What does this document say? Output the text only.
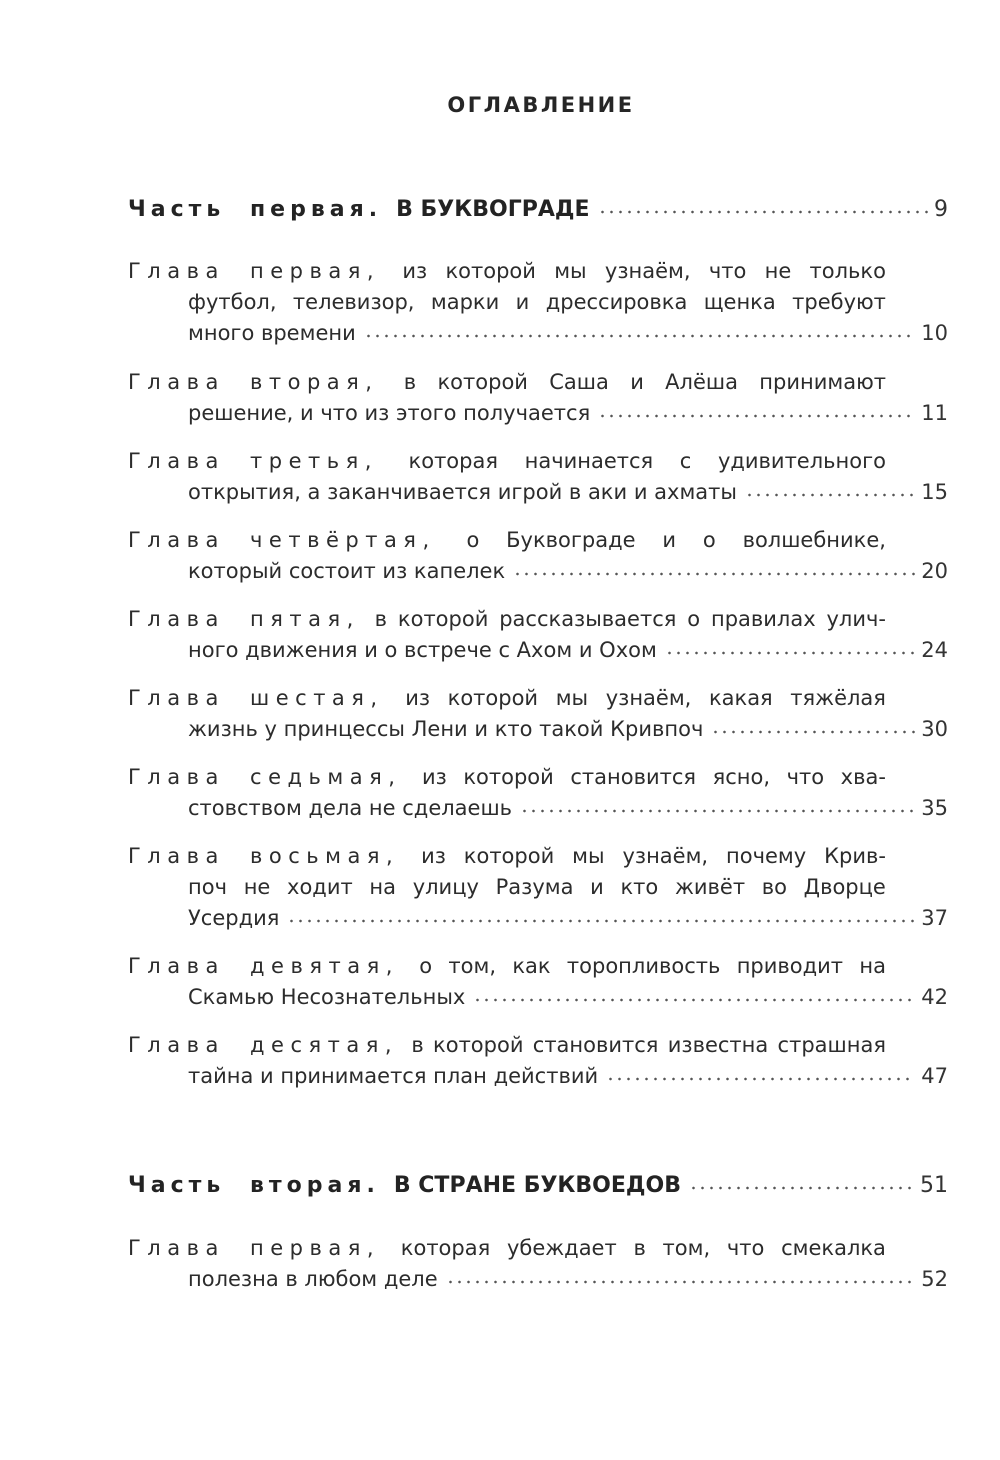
ОГЛАВЛЕНИЕ
Часть первая. В БУКВОГРАДЕ	9
Глава первая, из которой мы узнаём, что не только
футбол, телевизор, марки и дрессировка щенка требуют
много времени	10
Глава вторая, в которой Саша и Алёша принимают
решение, и что из этого получается	11
Глава третья, которая начинается с удивительного
открытия, а заканчивается игрой в аки и ахматы	15
Глава четвёртая, о Буквограде и о волшебнике,
который состоит из капелек	20
Глава пятая, в которой рассказывается о правилах улич-
ного движения и о встрече с Ахом и Охом	24
Глава шестая, из которой мы узнаём, какая тяжёлая
жизнь у принцессы Лени и кто такой Кривпоч	30
Глава седьмая, из которой становится ясно, что хва-
стовством дела не сделаешь	35
Глава восьмая, из которой мы узнаём, почему Крив-
поч не ходит на улицу Разума и кто живёт во Дворце
Усердия	37
Глава девятая, о том, как торопливость приводит на
Скамью Несознательных	42
Глава десятая, в которой становится известна страшная
тайна и принимается план действий	47
Часть вторая. В СТРАНЕ БУКВОЕДОВ	51
Глава первая, которая убеждает в том, что смекалка
полезна в любом деле	52
